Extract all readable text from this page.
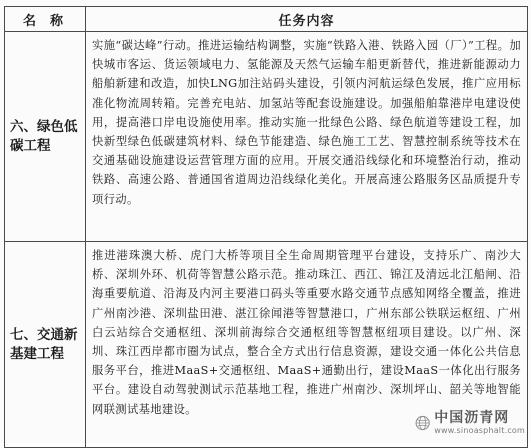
名称	任务内容
六、绿色低碳工程	实施“碳达峰”行动。推进运输结构调整，实施“铁路入港、铁路入园（厂）”工程。加快城市客运、货运领域电力、氢能源及天然气运输车船更新替代，推进新能源动力船舶新建和改造，加快LNG加注站码头建设，引领内河航运绿色发展，推广应用标准化物流周转箱。完善充电站、加氢站等配套设施建设。加强船舶靠港岸电建设使用，提高港口岸电设施使用率。推动实施一批绿色公路、绿色航道等建设工程，加快新型绿色低碳建筑材料、绿色节能建造、绿色施工工艺、智慧控制系统等技术在交通基础设施建设运营管理方面的应用。开展交通沿线绿化和环境整治行动，推动铁路、高速公路、普通国省道周边沿线绿化美化。开展高速公路服务区品质提升专项行动。
七、交通新基建工程	推进港珠澳大桥、虎门大桥等项目全生命周期管理平台建设，支持乐广、南沙大桥、深圳外环、机荷等智慧公路示范。推动珠江、西江、锦江及清远北江船闸、沿海重要航道、沿海及内河主要港口码头等重要水路交通节点感知网络全覆盖，推进广州南沙港、深圳盐田港、湛江徐闻港等智慧港口，广州东部公铁联运枢纽、广州白云站综合交通枢纽、深圳前海综合交通枢纽等智慧枢纽项目建设。以广州、深圳、珠江西岸都市圈为试点，整合全方式出行信息资源，建设交通一体化公共信息服务平台，推进MaaS+交通枢纽、MaaS+通勤出行，建设MaaS一体化出行服务平台。建设自动驾驶测试示范基地工程，推进广州南沙、深圳坪山、韶关等地智能网联测试基地建设。
中国沥青网
www.sinoasphalt.com
